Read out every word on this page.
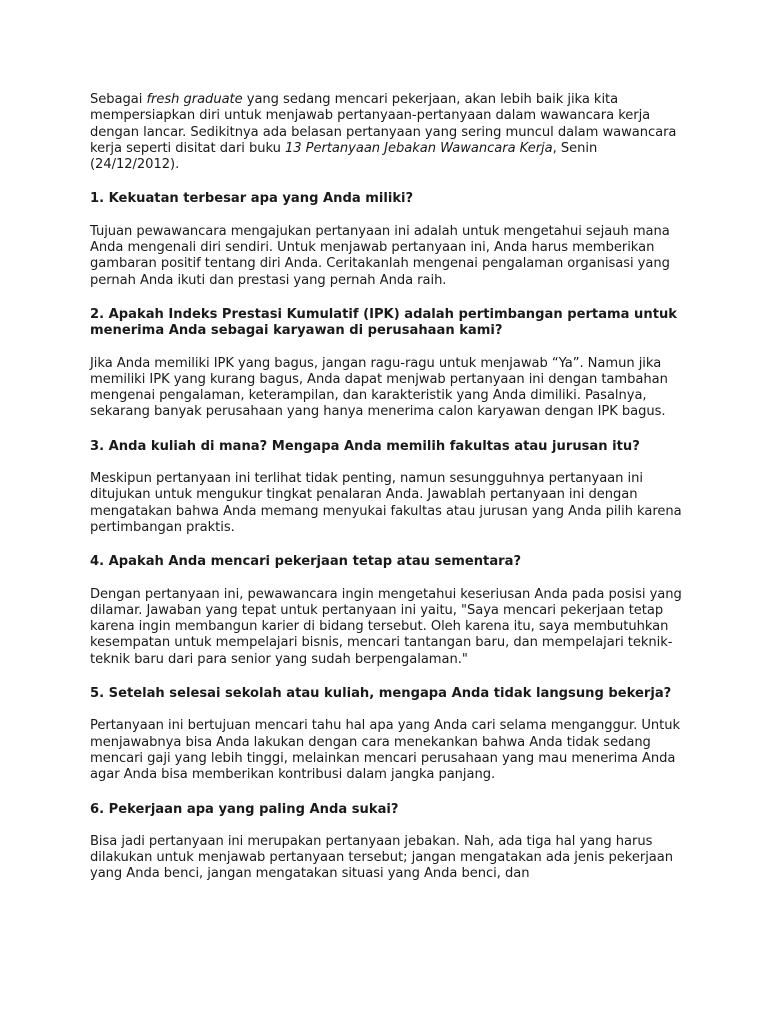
Sebagai fresh graduate yang sedang mencari pekerjaan, akan lebih baik jika kita mempersiapkan diri untuk menjawab pertanyaan-pertanyaan dalam wawancara kerja dengan lancar. Sedikitnya ada belasan pertanyaan yang sering muncul dalam wawancara kerja seperti disitat dari buku 13 Pertanyaan Jebakan Wawancara Kerja, Senin (24/12/2012).

1. Kekuatan terbesar apa yang Anda miliki?

Tujuan pewawancara mengajukan pertanyaan ini adalah untuk mengetahui sejauh mana Anda mengenali diri sendiri. Untuk menjawab pertanyaan ini, Anda harus memberikan gambaran positif tentang diri Anda. Ceritakanlah mengenai pengalaman organisasi yang pernah Anda ikuti dan prestasi yang pernah Anda raih.

2. Apakah Indeks Prestasi Kumulatif (IPK) adalah pertimbangan pertama untuk menerima Anda sebagai karyawan di perusahaan kami?

Jika Anda memiliki IPK yang bagus, jangan ragu-ragu untuk menjawab “Ya”. Namun jika memiliki IPK yang kurang bagus, Anda dapat menjwab pertanyaan ini dengan tambahan mengenai pengalaman, keterampilan, dan karakteristik yang Anda dimiliki. Pasalnya, sekarang banyak perusahaan yang hanya menerima calon karyawan dengan IPK bagus.

3. Anda kuliah di mana? Mengapa Anda memilih fakultas atau jurusan itu?

Meskipun pertanyaan ini terlihat tidak penting, namun sesungguhnya pertanyaan ini ditujukan untuk mengukur tingkat penalaran Anda. Jawablah pertanyaan ini dengan mengatakan bahwa Anda memang menyukai fakultas atau jurusan yang Anda pilih karena pertimbangan praktis.

4. Apakah Anda mencari pekerjaan tetap atau sementara?

Dengan pertanyaan ini, pewawancara ingin mengetahui keseriusan Anda pada posisi yang dilamar. Jawaban yang tepat untuk pertanyaan ini yaitu, "Saya mencari pekerjaan tetap karena ingin membangun karier di bidang tersebut. Oleh karena itu, saya membutuhkan kesempatan untuk mempelajari bisnis, mencari tantangan baru, dan mempelajari teknik-teknik baru dari para senior yang sudah berpengalaman."

5. Setelah selesai sekolah atau kuliah, mengapa Anda tidak langsung bekerja?

Pertanyaan ini bertujuan mencari tahu hal apa yang Anda cari selama menganggur. Untuk menjawabnya bisa Anda lakukan dengan cara menekankan bahwa Anda tidak sedang mencari gaji yang lebih tinggi, melainkan mencari perusahaan yang mau menerima Anda agar Anda bisa memberikan kontribusi dalam jangka panjang.

6. Pekerjaan apa yang paling Anda sukai?

Bisa jadi pertanyaan ini merupakan pertanyaan jebakan. Nah, ada tiga hal yang harus dilakukan untuk menjawab pertanyaan tersebut; jangan mengatakan ada jenis pekerjaan yang Anda benci, jangan mengatakan situasi yang Anda benci, dan
